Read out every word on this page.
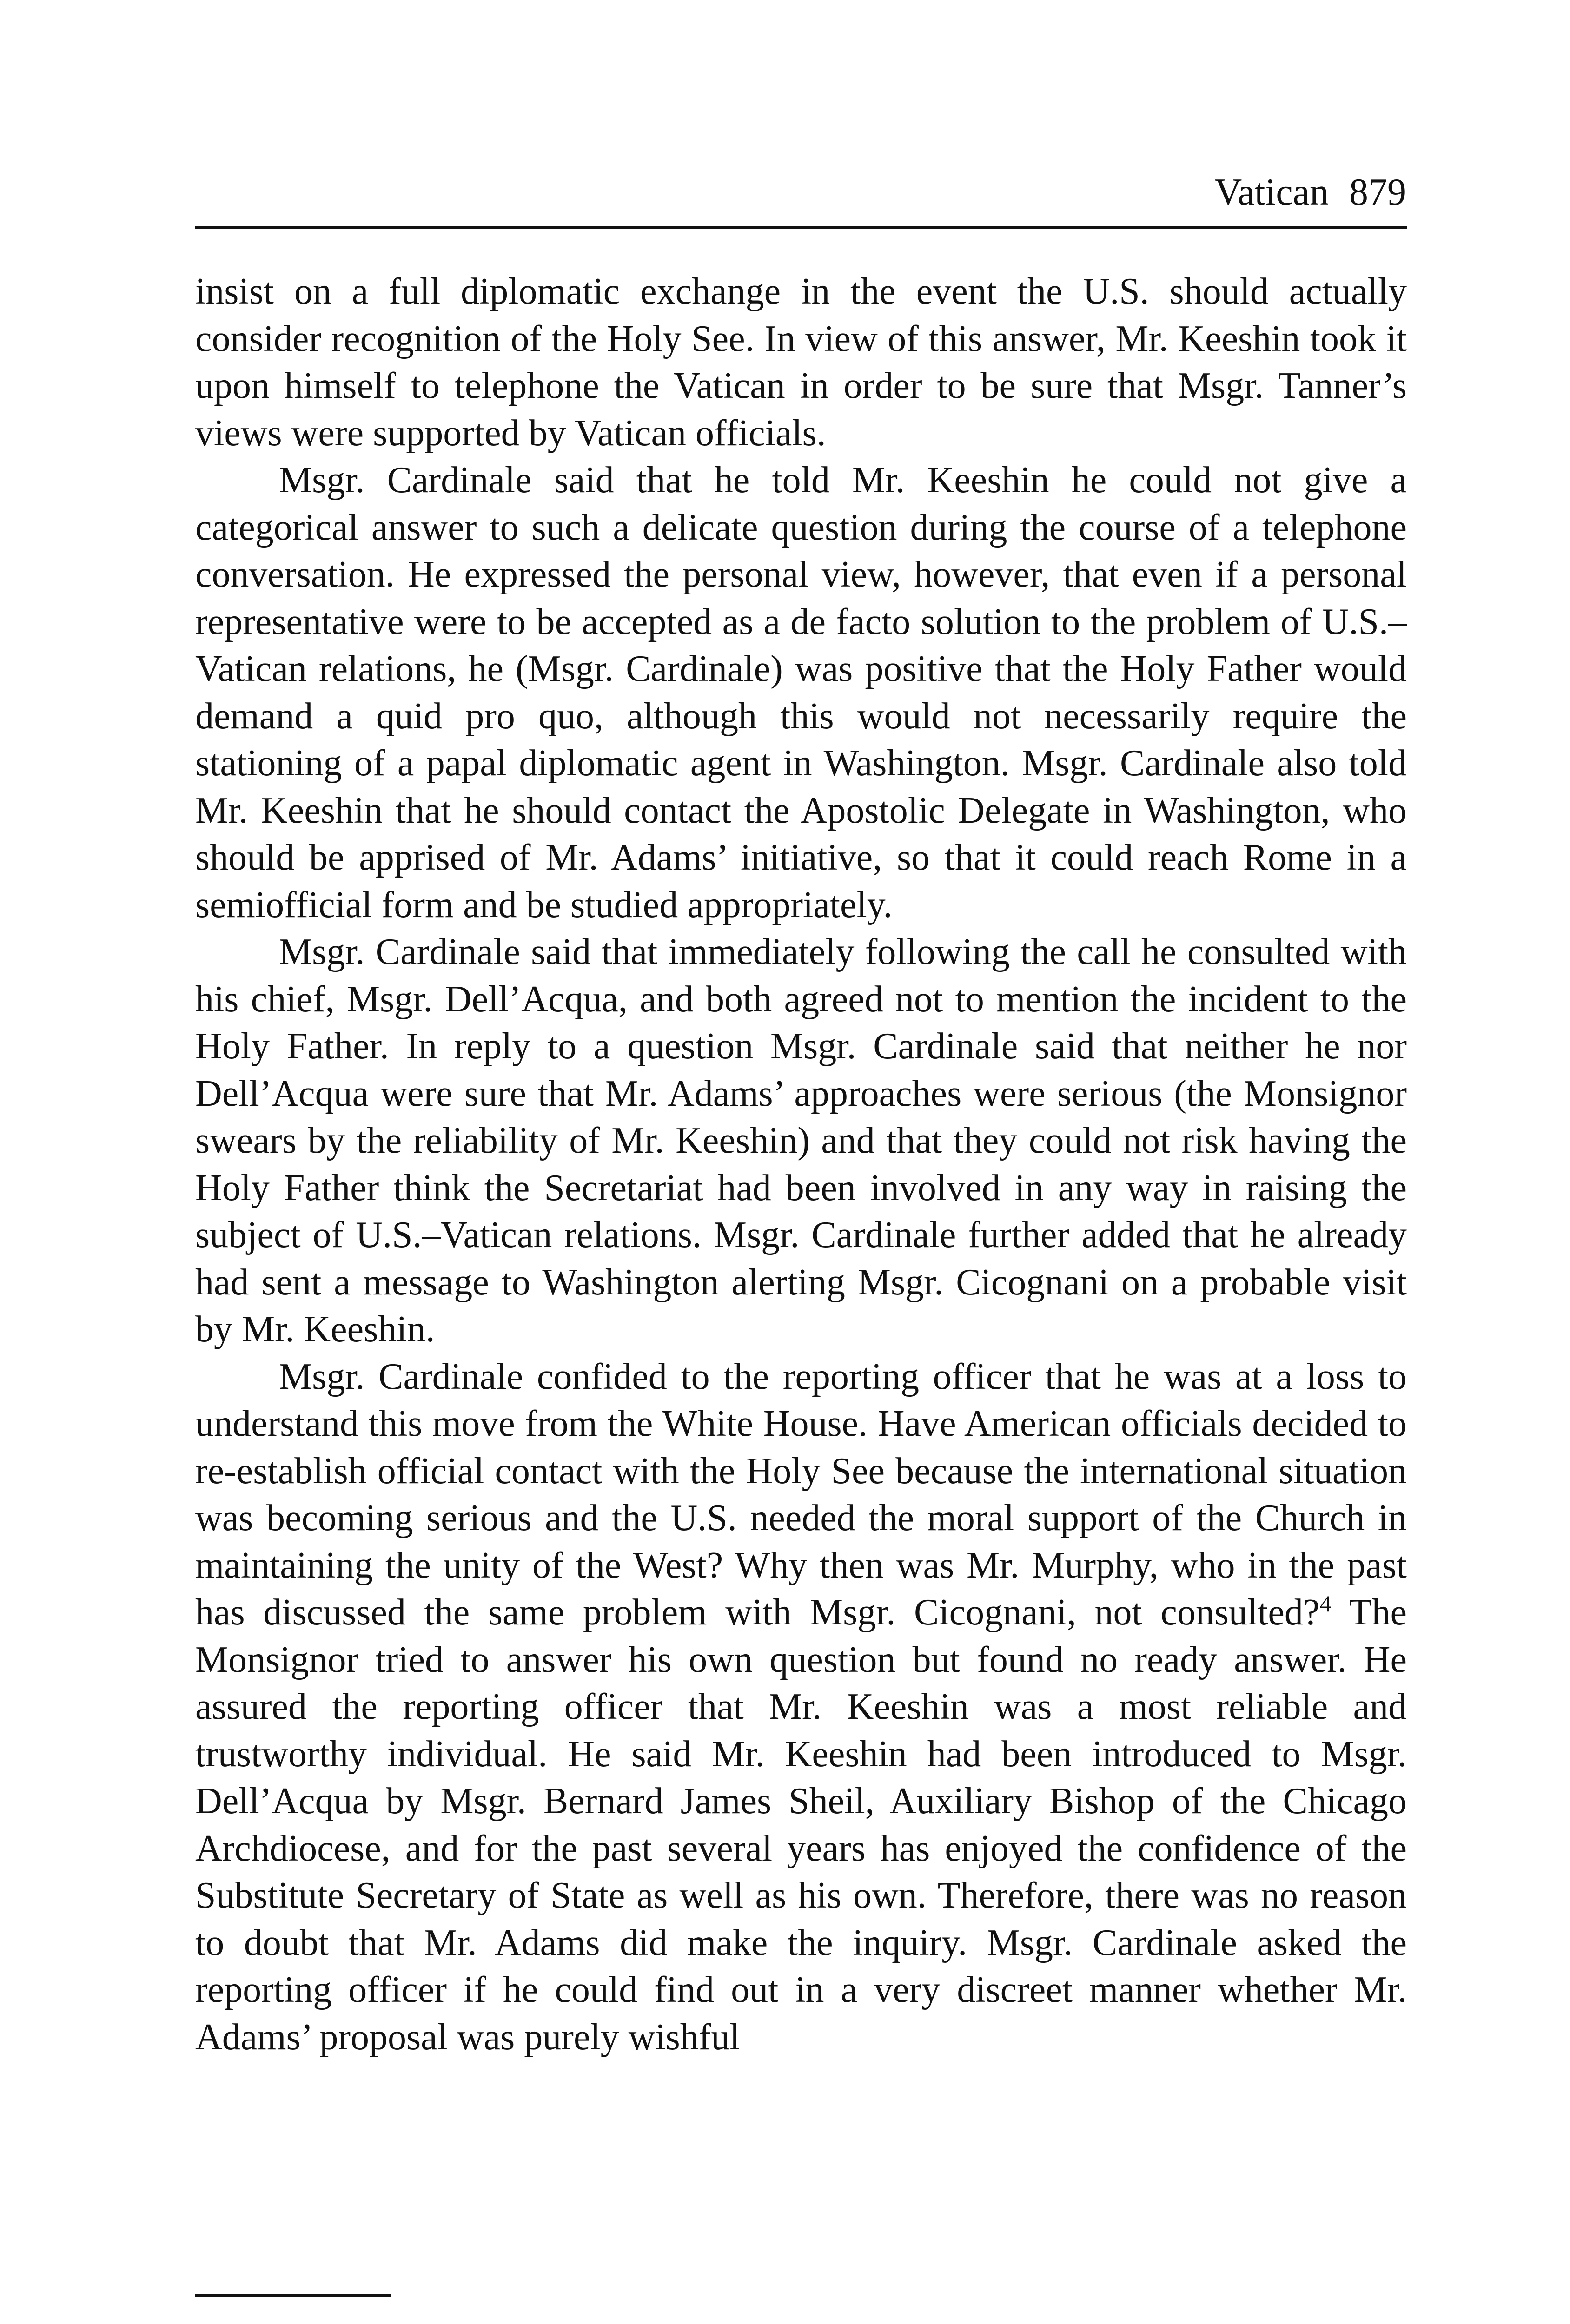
Vatican 879

insist on a full diplomatic exchange in the event the U.S. should actually consider recognition of the Holy See. In view of this answer, Mr. Keeshin took it upon himself to telephone the Vatican in order to be sure that Msgr. Tanner’s views were supported by Vatican officials.

Msgr. Cardinale said that he told Mr. Keeshin he could not give a categorical answer to such a delicate question during the course of a telephone conversation. He expressed the personal view, however, that even if a personal representative were to be accepted as a de facto solution to the problem of U.S.–Vatican relations, he (Msgr. Cardinale) was positive that the Holy Father would demand a quid pro quo, although this would not necessarily require the stationing of a papal diplomatic agent in Washington. Msgr. Cardinale also told Mr. Keeshin that he should contact the Apostolic Delegate in Washington, who should be apprised of Mr. Adams’ initiative, so that it could reach Rome in a semiofficial form and be studied appropriately.

Msgr. Cardinale said that immediately following the call he consulted with his chief, Msgr. Dell’Acqua, and both agreed not to mention the incident to the Holy Father. In reply to a question Msgr. Cardinale said that neither he nor Dell’Acqua were sure that Mr. Adams’ approaches were serious (the Monsignor swears by the reliability of Mr. Keeshin) and that they could not risk having the Holy Father think the Secretariat had been involved in any way in raising the subject of U.S.–Vatican relations. Msgr. Cardinale further added that he already had sent a message to Washington alerting Msgr. Cicognani on a probable visit by Mr. Keeshin.

Msgr. Cardinale confided to the reporting officer that he was at a loss to understand this move from the White House. Have American officials decided to re-establish official contact with the Holy See because the international situation was becoming serious and the U.S. needed the moral support of the Church in maintaining the unity of the West? Why then was Mr. Murphy, who in the past has discussed the same problem with Msgr. Cicognani, not consulted?$^4$ The Monsignor tried to answer his own question but found no ready answer. He assured the reporting officer that Mr. Keeshin was a most reliable and trustworthy individual. He said Mr. Keeshin had been introduced to Msgr. Dell’Acqua by Msgr. Bernard James Sheil, Auxiliary Bishop of the Chicago Archdiocese, and for the past several years has enjoyed the confidence of the Substitute Secretary of State as well as his own. Therefore, there was no reason to doubt that Mr. Adams did make the inquiry. Msgr. Cardinale asked the reporting officer if he could find out in a very discreet manner whether Mr. Adams’ proposal was purely wishful
